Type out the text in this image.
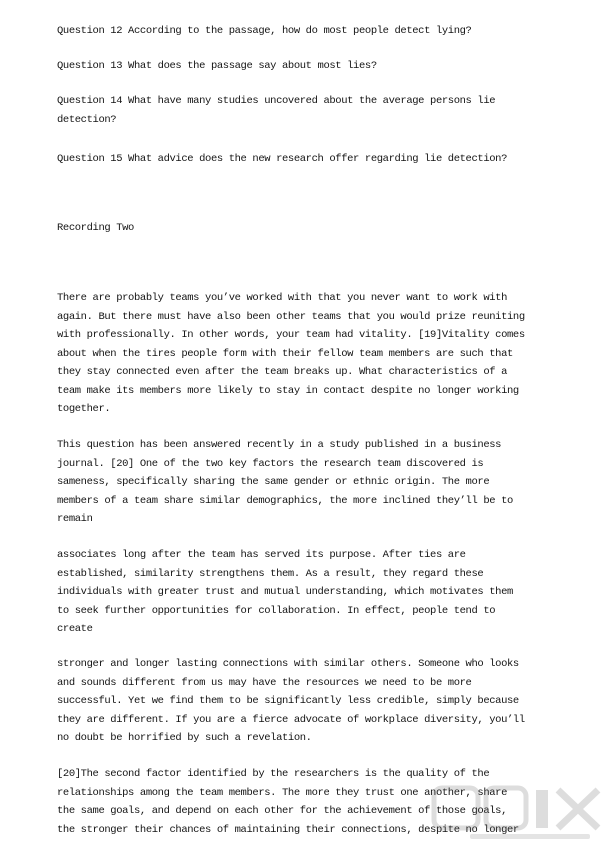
Question 12 According to the passage, how do most people detect lying?
Question 13 What does the passage say about most lies?
Question 14 What have many studies uncovered about the average persons lie
detection?
Question 15 What advice does the new research offer regarding lie detection?
Recording Two
There are probably teams you’ve worked with that you never want to work with
again. But there must have also been other teams that you would prize reuniting
with professionally. In other words, your team had vitality. [19]Vitality comes
about when the tires people form with their fellow team members are such that
they stay connected even after the team breaks up. What characteristics of a
team make its members more likely to stay in contact despite no longer working
together.
This question has been answered recently in a study published in a business
journal. [20] One of the two key factors the research team discovered is
sameness, specifically sharing the same gender or ethnic origin. The more
members of a team share similar demographics, the more inclined they’ll be to
remain
associates long after the team has served its purpose. After ties are
established, similarity strengthens them. As a result, they regard these
individuals with greater trust and mutual understanding, which motivates them
to seek further opportunities for collaboration. In effect, people tend to
create
stronger and longer lasting connections with similar others. Someone who looks
and sounds different from us may have the resources we need to be more
successful. Yet we find them to be significantly less credible, simply because
they are different. If you are a fierce advocate of workplace diversity, you’ll
no doubt be horrified by such a revelation.
[20]The second factor identified by the researchers is the quality of the
relationships among the team members. The more they trust one another, share
the same goals, and depend on each other for the achievement of those goals,
the stronger their chances of maintaining their connections, despite no longer
